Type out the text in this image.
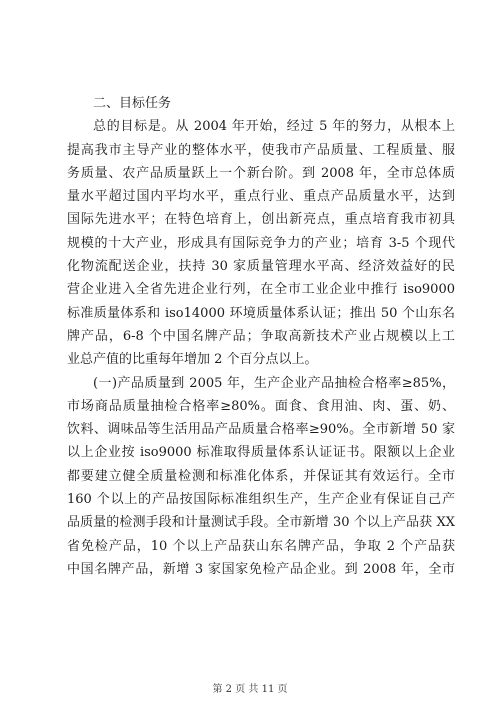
二、目标任务
总的目标是。从 2004 年开始，经过 5 年的努力，从根本上
提高我市主导产业的整体水平，使我市产品质量、工程质量、服
务质量、农产品质量跃上一个新台阶。到 2008 年，全市总体质
量水平超过国内平均水平，重点行业、重点产品质量水平，达到
国际先进水平；在特色培育上，创出新亮点，重点培育我市初具
规模的十大产业，形成具有国际竞争力的产业；培育 3-5 个现代
化物流配送企业，扶持 30 家质量管理水平高、经济效益好的民
营企业进入全省先进企业行列，在全市工业企业中推行 iso9000
标准质量体系和 iso14000 环境质量体系认证；推出 50 个山东名
牌产品，6-8 个中国名牌产品；争取高新技术产业占规模以上工
业总产值的比重每年增加 2 个百分点以上。
(一)产品质量到 2005 年，生产企业产品抽检合格率≥85%，
市场商品质量抽检合格率≥80%。面食、食用油、肉、蛋、奶、
饮料、调味品等生活用品产品质量合格率≥90%。全市新增 50 家
以上企业按 iso9000 标准取得质量体系认证证书。限额以上企业
都要建立健全质量检测和标准化体系，并保证其有效运行。全市
160 个以上的产品按国际标准组织生产，生产企业有保证自己产
品质量的检测手段和计量测试手段。全市新增 30 个以上产品获 XX
省免检产品，10 个以上产品获山东名牌产品，争取 2 个产品获
中国名牌产品，新增 3 家国家免检产品企业。到 2008 年，全市
第 2 页 共 11 页
